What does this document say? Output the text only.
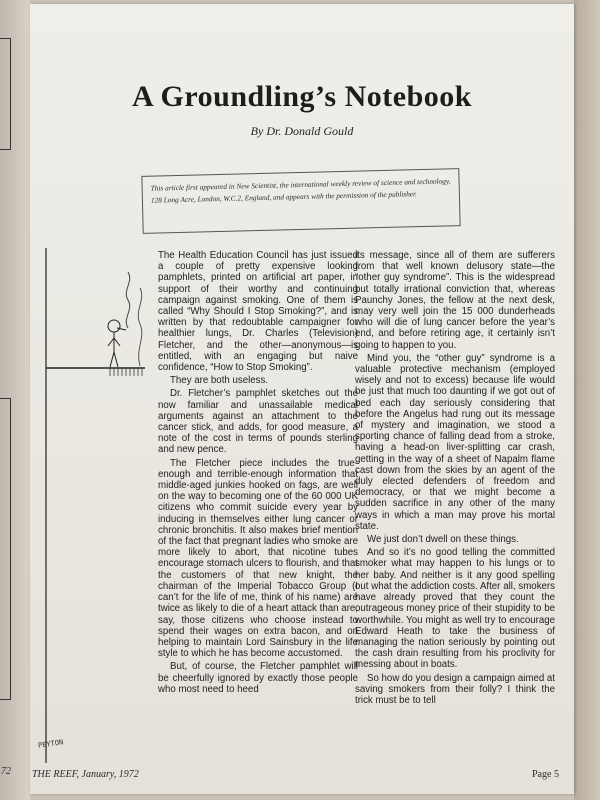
72
A Groundling’s Notebook
By Dr. Donald Gould
This article first appeared in New Scientist, the international weekly review of science and technology, 128 Long Acre, London, W.C.2, England, and appears with the permission of the publisher.
PEYTON

The Health Education Council has just issued a couple of pretty expensive looking pamphlets, printed on artificial art paper, in support of their worthy and continuing campaign against smoking. One of them is called “Why Should I Stop Smoking?”, and is written by that redoubtable campaigner for healthier lungs, Dr. Charles (Television) Fletcher, and the other—anonymous—is entitled, with an engaging but naive confidence, “How to Stop Smoking”.

They are both useless.

Dr. Fletcher’s pamphlet sketches out the now familiar and unassailable medical arguments against an attachment to the cancer stick, and adds, for good measure, a note of the cost in terms of pounds sterling and new pence.

The Fletcher piece includes the true-enough and terrible-enough information that middle-aged junkies hooked on fags, are well on the way to becoming one of the 60 000 UK citizens who commit suicide every year by inducing in themselves either lung cancer or chronic bronchitis. It also makes brief mention of the fact that pregnant ladies who smoke are more likely to abort, that nicotine tubes encourage stomach ulcers to flourish, and that the customers of that new knight, the chairman of the Imperial Tobacco Group (I can’t for the life of me, think of his name) are twice as likely to die of a heart attack than are, say, those citizens who choose instead to spend their wages on extra bacon, and on helping to maintain Lord Sainsbury in the life style to which he has become accustomed.

But, of course, the Fletcher pamphlet will be cheerfully ignored by exactly those people who most need to heed

its message, since all of them are sufferers from that well known delusory state—the “other guy syndrome”. This is the widespread but totally irrational conviction that, whereas Paunchy Jones, the fellow at the next desk, may very well join the 15 000 dunderheads who will die of lung cancer before the year’s end, and before retiring age, it certainly isn’t going to happen to you.

Mind you, the “other guy” syndrome is a valuable protective mechanism (employed wisely and not to excess) because life would be just that much too daunting if we got out of bed each day seriously considering that before the Angelus had rung out its message of mystery and imagination, we stood a sporting chance of falling dead from a stroke, having a head-on liver-splitting car crash, getting in the way of a sheet of Napalm flame cast down from the skies by an agent of the duly elected defenders of freedom and democracy, or that we might become a sudden sacrifice in any other of the many ways in which a man may prove his mortal state.

We just don’t dwell on these things.

And so it’s no good telling the committed smoker what may happen to his lungs or to her baby. And neither is it any good spelling out what the addiction costs. After all, smokers have already proved that they count the outrageous money price of their stupidity to be worthwhile. You might as well try to encourage Edward Heath to take the business of managing the nation seriously by pointing out the cash drain resulting from his proclivity for messing about in boats.

So how do you design a campaign aimed at saving smokers from their folly? I think the trick must be to tell

THE REEF, January, 1972	Page 5
